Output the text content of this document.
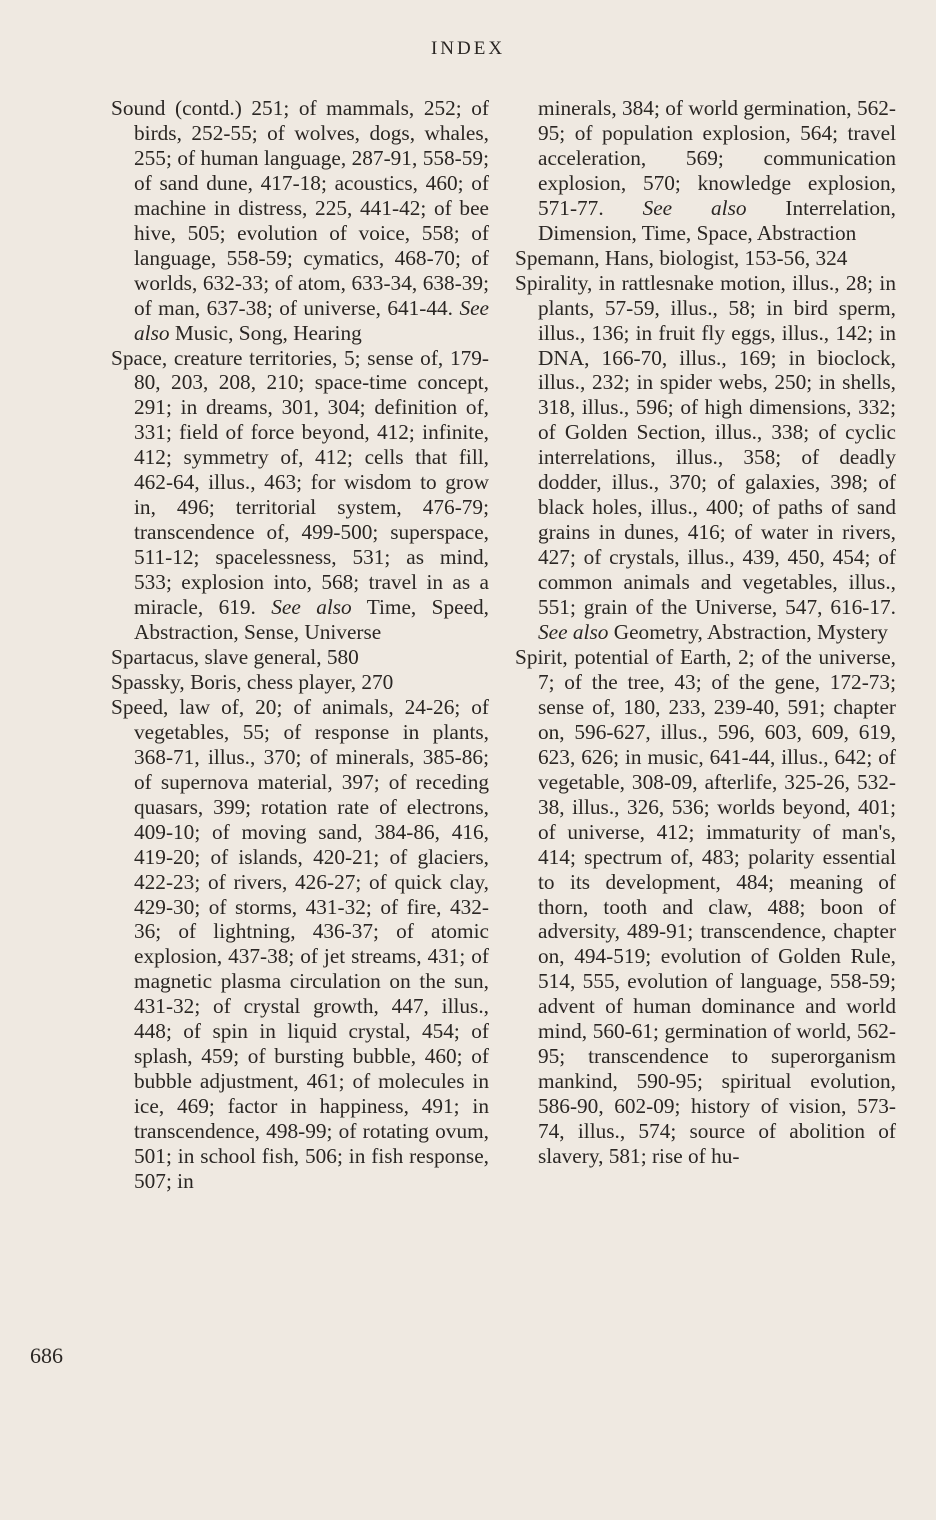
INDEX
Sound (contd.) 251; of mammals, 252; of birds, 252-55; of wolves, dogs, whales, 255; of human language, 287-91, 558-59; of sand dune, 417-18; acoustics, 460; of machine in distress, 225, 441-42; of bee hive, 505; evolution of voice, 558; of language, 558-59; cymatics, 468-70; of worlds, 632-33; of atom, 633-34, 638-39; of man, 637-38; of universe, 641-44. See also Music, Song, Hearing
Space, creature territories, 5; sense of, 179-80, 203, 208, 210; space-time concept, 291; in dreams, 301, 304; definition of, 331; field of force beyond, 412; infinite, 412; symmetry of, 412; cells that fill, 462-64, illus., 463; for wisdom to grow in, 496; territorial system, 476-79; transcendence of, 499-500; superspace, 511-12; spacelessness, 531; as mind, 533; explosion into, 568; travel in as a miracle, 619. See also Time, Speed, Abstraction, Sense, Universe
Spartacus, slave general, 580
Spassky, Boris, chess player, 270
Speed, law of, 20; of animals, 24-26; of vegetables, 55; of response in plants, 368-71, illus., 370; of minerals, 385-86; of supernova material, 397; of receding quasars, 399; rotation rate of electrons, 409-10; of moving sand, 384-86, 416, 419-20; of islands, 420-21; of glaciers, 422-23; of rivers, 426-27; of quick clay, 429-30; of storms, 431-32; of fire, 432-36; of lightning, 436-37; of atomic explosion, 437-38; of jet streams, 431; of magnetic plasma circulation on the sun, 431-32; of crystal growth, 447, illus., 448; of spin in liquid crystal, 454; of splash, 459; of bursting bubble, 460; of bubble adjustment, 461; of molecules in ice, 469; factor in happiness, 491; in transcendence, 498-99; of rotating ovum, 501; in school fish, 506; in fish response, 507; in
minerals, 384; of world germination, 562-95; of population explosion, 564; travel acceleration, 569; communication explosion, 570; knowledge explosion, 571-77. See also Interrelation, Dimension, Time, Space, Abstraction
Spemann, Hans, biologist, 153-56, 324
Spirality, in rattlesnake motion, illus., 28; in plants, 57-59, illus., 58; in bird sperm, illus., 136; in fruit fly eggs, illus., 142; in DNA, 166-70, illus., 169; in bioclock, illus., 232; in spider webs, 250; in shells, 318, illus., 596; of high dimensions, 332; of Golden Section, illus., 338; of cyclic interrelations, illus., 358; of deadly dodder, illus., 370; of galaxies, 398; of black holes, illus., 400; of paths of sand grains in dunes, 416; of water in rivers, 427; of crystals, illus., 439, 450, 454; of common animals and vegetables, illus., 551; grain of the Universe, 547, 616-17. See also Geometry, Abstraction, Mystery
Spirit, potential of Earth, 2; of the universe, 7; of the tree, 43; of the gene, 172-73; sense of, 180, 233, 239-40, 591; chapter on, 596-627, illus., 596, 603, 609, 619, 623, 626; in music, 641-44, illus., 642; of vegetable, 308-09, afterlife, 325-26, 532-38, illus., 326, 536; worlds beyond, 401; of universe, 412; immaturity of man's, 414; spectrum of, 483; polarity essential to its development, 484; meaning of thorn, tooth and claw, 488; boon of adversity, 489-91; transcendence, chapter on, 494-519; evolution of Golden Rule, 514, 555, evolution of language, 558-59; advent of human dominance and world mind, 560-61; germination of world, 562-95; transcendence to superorganism mankind, 590-95; spiritual evolution, 586-90, 602-09; history of vision, 573-74, illus., 574; source of abolition of slavery, 581; rise of hu-
686
